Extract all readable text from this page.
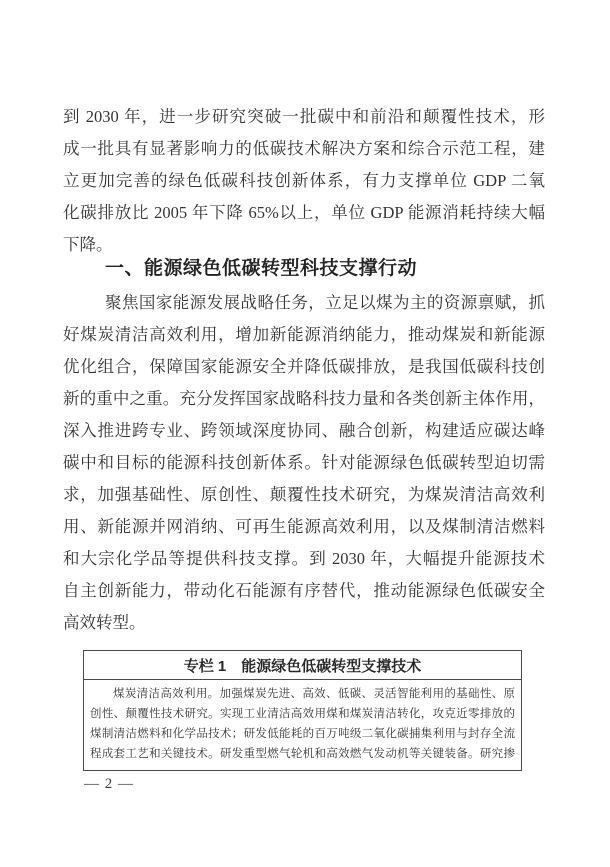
到 2030 年，进一步研究突破一批碳中和前沿和颠覆性技术，形
成一批具有显著影响力的低碳技术解决方案和综合示范工程，建
立更加完善的绿色低碳科技创新体系，有力支撑单位 GDP 二氧
化碳排放比 2005 年下降 65%以上，单位 GDP 能源消耗持续大幅
下降。
一、能源绿色低碳转型科技支撑行动
聚焦国家能源发展战略任务，立足以煤为主的资源禀赋，抓
好煤炭清洁高效利用，增加新能源消纳能力，推动煤炭和新能源
优化组合，保障国家能源安全并降低碳排放，是我国低碳科技创
新的重中之重。充分发挥国家战略科技力量和各类创新主体作用，
深入推进跨专业、跨领域深度协同、融合创新，构建适应碳达峰
碳中和目标的能源科技创新体系。针对能源绿色低碳转型迫切需
求，加强基础性、原创性、颠覆性技术研究，为煤炭清洁高效利
用、新能源并网消纳、可再生能源高效利用，以及煤制清洁燃料
和大宗化学品等提供科技支撑。到 2030 年，大幅提升能源技术
自主创新能力，带动化石能源有序替代，推动能源绿色低碳安全
高效转型。
专栏 1　能源绿色低碳转型支撑技术
煤炭清洁高效利用。加强煤炭先进、高效、低碳、灵活智能利用的基础性、原
创性、颠覆性技术研究。实现工业清洁高效用煤和煤炭清洁转化，攻克近零排放的
煤制清洁燃料和化学品技术；研发低能耗的百万吨级二氧化碳捕集利用与封存全流
程成套工艺和关键技术。研发重型燃气轮机和高效燃气发动机等关键装备。研究掺
— 2 —
